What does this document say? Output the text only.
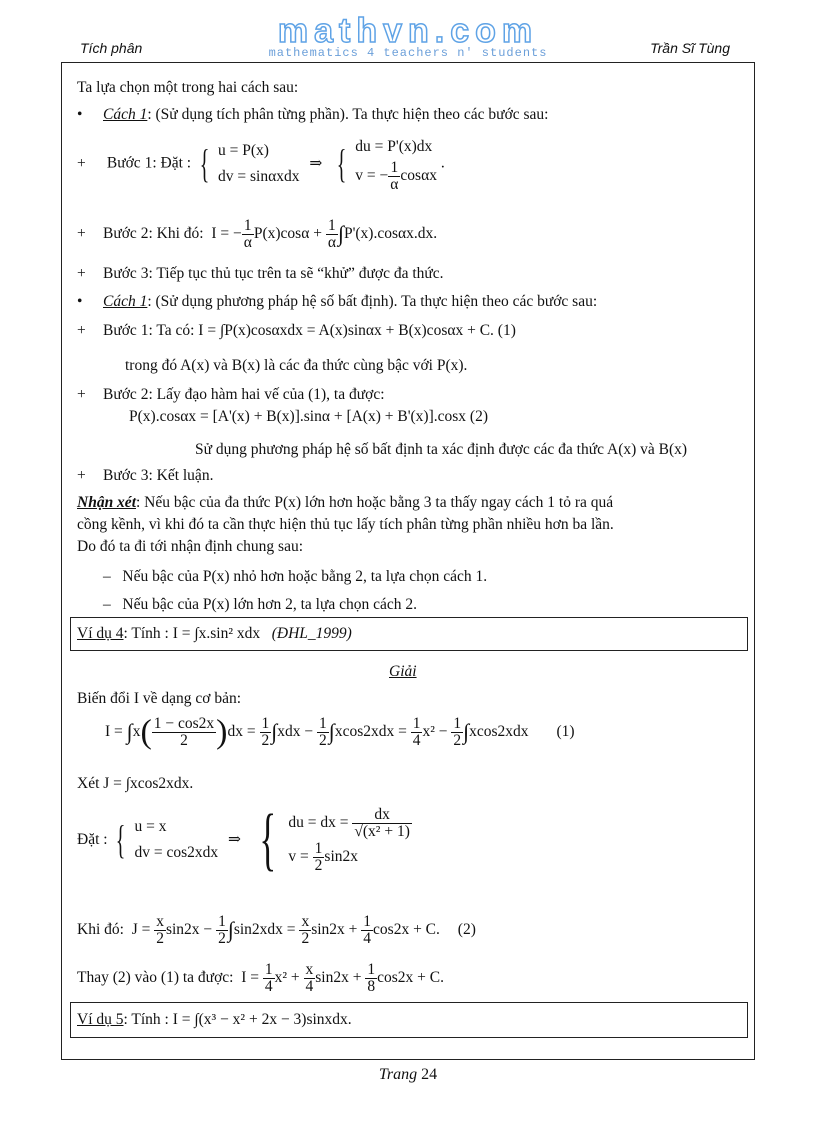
Tích phân	mathvn.com
mathematics 4 teachers n' students	Trần Sĩ Tùng
Ta lựa chọn một trong hai cách sau:
• Cách 1: (Sử dụng tích phân từng phần). Ta thực hiện theo các bước sau:
+ Bước 1: Đặt : { u = P(x)
dv = sinαxdx ⇒ { du = P'(x)dx
v = − $\frac{1}{\alpha}$ cosαx .
+ Bước 2: Khi đó:  I = − $\frac{1}{\alpha} P(x)\cos\alpha + \frac{1}{\alpha} \int P'(x).\cos\alpha x.dx$.
+ Bước 3: Tiếp tục thủ tục trên ta sẽ “khử” được đa thức.
• Cách 1: (Sử dụng phương pháp hệ số bất định). Ta thực hiện theo các bước sau:
+ Bước 1: Ta có: I = ∫P(x)cosαxdx = A(x)sinαx + B(x)cosαx + C. (1)
trong đó A(x) và B(x) là các đa thức cùng bậc với P(x).
+ Bước 2: Lấy đạo hàm hai vế của (1), ta được:
P(x).cosαx = [A'(x) + B(x)].sinα + [A(x) + B'(x)].cosx (2)
Sử dụng phương pháp hệ số bất định ta xác định được các đa thức A(x) và B(x)
+ Bước 3: Kết luận.
Nhận xét: Nếu bậc của đa thức P(x) lớn hơn hoặc bằng 3 ta thấy ngay cách 1 tỏ ra quá
cồng kềnh, vì khi đó ta cần thực hiện thủ tục lấy tích phân từng phần nhiều hơn ba lần.
Do đó ta đi tới nhận định chung sau:
–   Nếu bậc của P(x) nhỏ hơn hoặc bằng 2, ta lựa chọn cách 1.
–   Nếu bậc của P(x) lớn hơn 2, ta lựa chọn cách 2.
Ví dụ 4: Tính : I = ∫x.sin² xdx (ĐHL_1999)
Giải
Biến đổi I về dạng cơ bản:
$I = \int x( \frac{1 - \cos 2x}{2} )dx = \frac{1}{2} \int xdx - \frac{1}{2} \int xcos2xdx = \frac{1}{4} x^2 - \frac{1}{2} \int xcos2xdx$ (1)
Xét J = ∫xcos2xdx.
Đặt : { u = x
dv = cos2xdx ⇒ { du = dx = $\frac{dx}{\text{√(x² + 1)}}$

$v = \frac{1}{2} \sin 2x$
Khi đó:  $J = \frac{x}{2} \sin 2x - \frac{1}{2} \int\sin 2xdx = \frac{x}{2} \sin 2x + \frac{1}{4} \cos 2x + C$. (2)
Thay (2) vào (1) ta được:  $I = \frac{1}{4} x^2 + \frac{x}{4} \sin 2x + \frac{1}{8} \cos 2x + C$.
Ví dụ 5: Tính : I = ∫(x³ − x² + 2x − 3)sinxdx.
Trang 24
